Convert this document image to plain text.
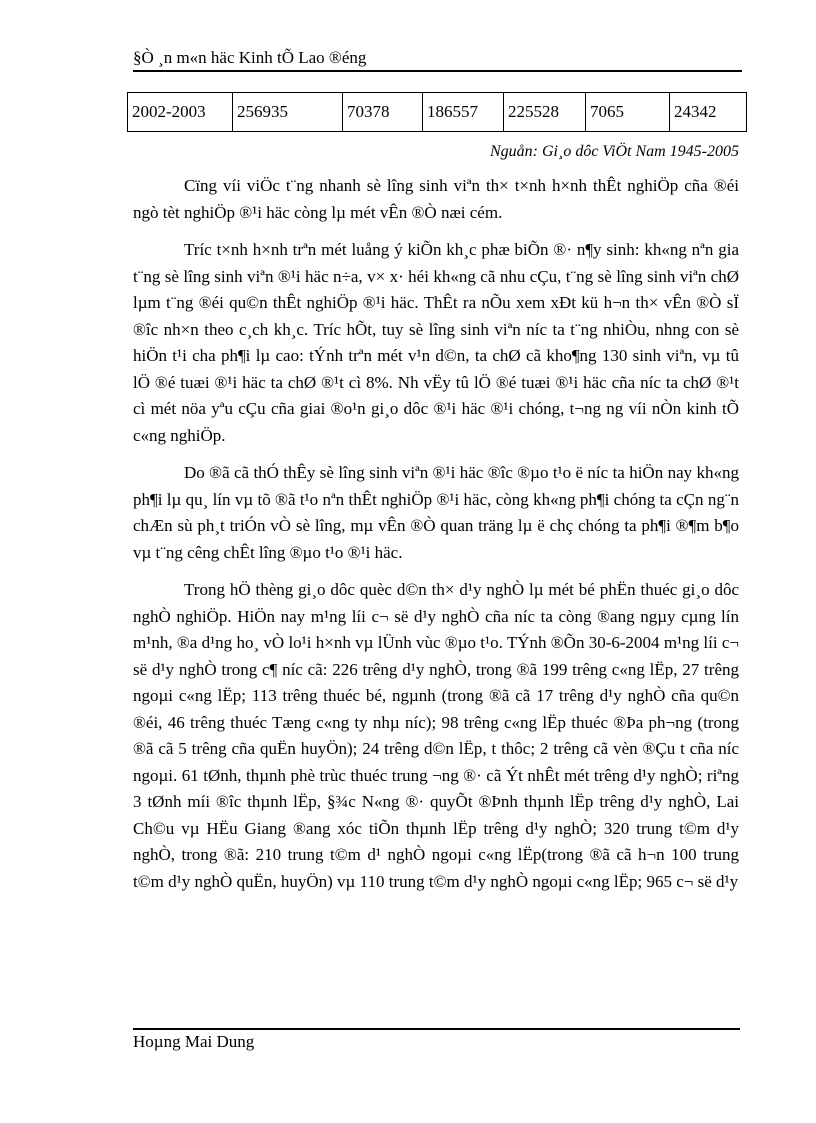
§Ò ¸n m«n häc Kinh tÕ Lao ®éng
2002-2003	256935	70378	186557	225528	7065	24342
Nguån: Gi¸o dôc ViÖt Nam 1945-2005

Cïng víi viÖc t¨ng nhanh sè lîng sinh viªn th× t×nh h×nh thÊt nghiÖp cña ®éi ngò tèt nghiÖp ®¹i häc còng lµ mét vÊn ®Ò næi cém.

Tríc t×nh h×nh trªn mét luång ý kiÕn kh¸c phæ biÕn ®· n¶y sinh: kh«ng nªn gia t¨ng sè lîng sinh viªn ®¹i häc n÷a, v× x· héi kh«ng cã nhu cÇu, t¨ng sè lîng sinh viªn chØ lµm t¨ng ®éi qu©n thÊt nghiÖp ®¹i häc. ThÊt ra nÕu xem xÐt kü h¬n th× vÊn ®Ò sÏ ®îc nh×n theo c¸ch kh¸c. Tríc hÕt, tuy sè lîng sinh viªn níc ta t¨ng nhiÒu, nhng con sè hiÖn t¹i cha ph¶i lµ cao: tÝnh trªn mét v¹n d©n, ta chØ cã kho¶ng 130 sinh viªn, vµ tû lÖ ®é tuæi ®¹i häc ta chØ ®¹t cì 8%. Nh vËy tû lÖ ®é tuæi ®¹i häc cña níc ta chØ ®¹t cì mét nöa yªu cÇu cña giai ®o¹n gi¸o dôc ®¹i häc ®¹i chóng, t¬ng ng víi nÒn kinh tÕ c«ng nghiÖp.

Do ®ã cã thÓ thÊy sè lîng sinh viªn ®¹i häc ®îc ®µo t¹o ë níc ta hiÖn nay kh«ng ph¶i lµ qu¸ lín vµ tõ ®ã t¹o nªn thÊt nghiÖp ®¹i häc, còng kh«ng ph¶i chóng ta cÇn ng¨n chÆn sù ph¸t triÓn vÒ sè lîng, mµ vÊn ®Ò quan träng lµ ë chç chóng ta ph¶i ®¶m b¶o vµ t¨ng cêng chÊt lîng ®µo t¹o ®¹i häc.

Trong hÖ thèng gi¸o dôc quèc d©n th× d¹y nghÒ lµ mét bé phËn thuéc gi¸o dôc nghÒ nghiÖp. HiÖn nay m¹ng líi c¬ së d¹y nghÒ cña níc ta còng ®ang ngµy cµng lín m¹nh, ®a d¹ng ho¸ vÒ lo¹i h×nh vµ lÜnh vùc ®µo t¹o. TÝnh ®Õn 30-6-2004 m¹ng líi c¬ së d¹y nghÒ trong c¶ níc cã: 226 trêng d¹y nghÒ, trong ®ã 199 trêng c«ng lËp, 27 trêng ngoµi c«ng lËp; 113 trêng thuéc bé, ngµnh (trong ®ã cã 17 trêng d¹y nghÒ cña qu©n ®éi, 46 trêng thuéc Tæng c«ng ty nhµ níc); 98 trêng c«ng lËp thuéc ®Þa ph¬ng (trong ®ã cã 5 trêng cña quËn huyÖn); 24 trêng d©n lËp, t thôc; 2 trêng cã vèn ®Çu t cña níc ngoµi. 61 tØnh, thµnh phè trùc thuéc trung ¬ng ®· cã Ýt nhÊt mét trêng d¹y nghÒ; riªng 3 tØnh míi ®îc thµnh lËp, §¾c N«ng ®· quyÕt ®Þnh thµnh lËp trêng d¹y nghÒ, Lai Ch©u vµ HËu Giang ®ang xóc tiÕn thµnh lËp trêng d¹y nghÒ; 320 trung t©m d¹y nghÒ, trong ®ã: 210 trung t©m d¹ nghÒ ngoµi c«ng lËp(trong ®ã cã h¬n 100 trung t©m d¹y nghÒ quËn, huyÖn) vµ 110 trung t©m d¹y nghÒ ngoµi c«ng lËp; 965 c¬ së d¹y

Hoµng Mai Dung
